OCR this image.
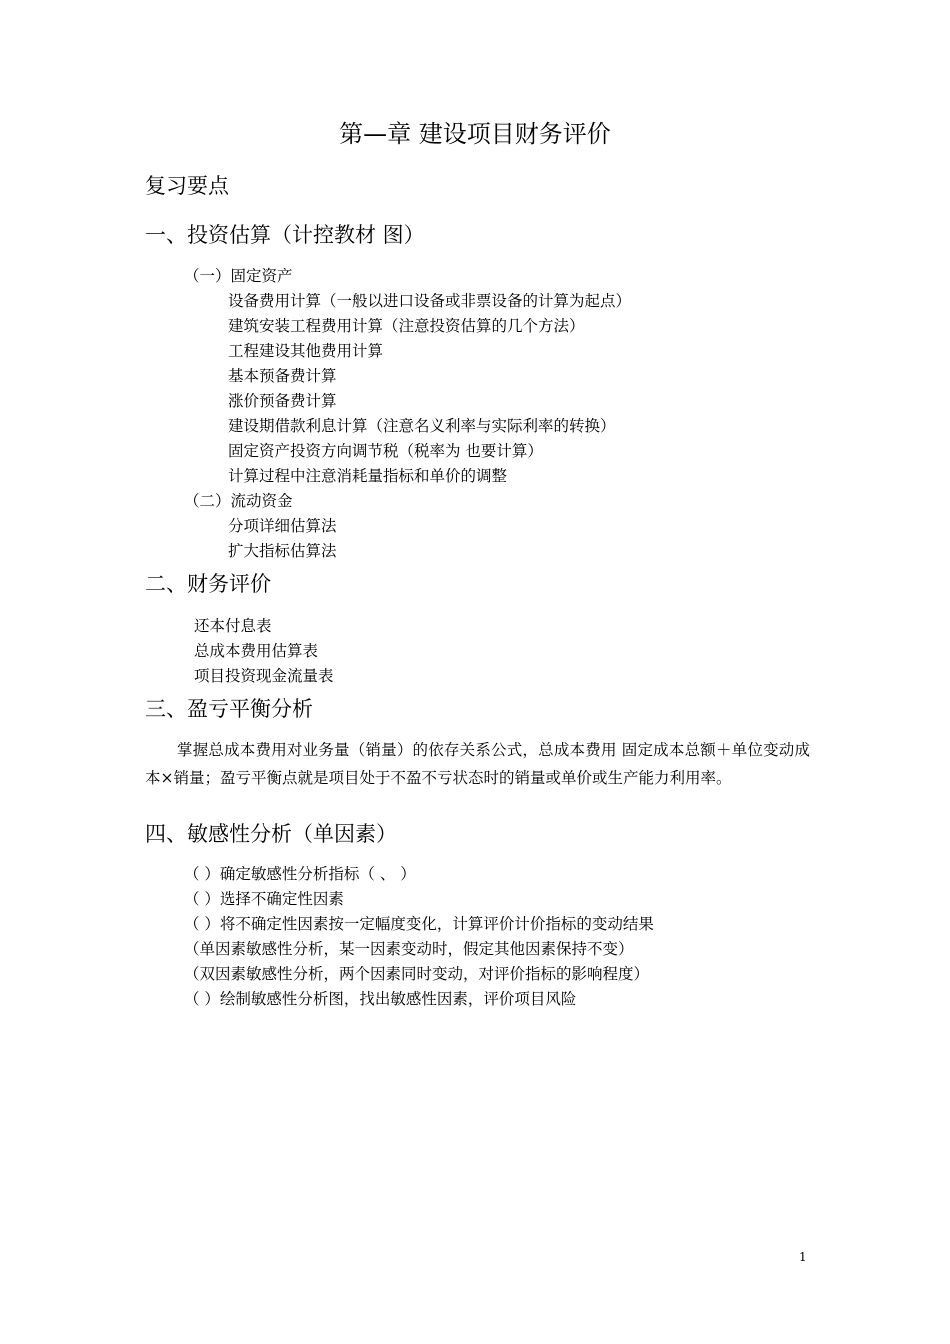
第—章 建设项目财务评价
复习要点
一、投资估算（计控教材 图）
（一）固定资产
设备费用计算（一般以进口设备或非票设备的计算为起点）
建筑安装工程费用计算（注意投资估算的几个方法）
工程建设其他费用计算
基本预备费计算
涨价预备费计算
建设期借款利息计算（注意名义利率与实际利率的转换）
固定资产投资方向调节税（税率为 也要计算）
计算过程中注意消耗量指标和单价的调整
（二）流动资金
分项详细估算法
扩大指标估算法
二、财务评价
还本付息表
总成本费用估算表
项目投资现金流量表
三、盈亏平衡分析
掌握总成本费用对业务量（销量）的依存关系公式，总成本费用 固定成本总额＋单位变动成本×销量；盈亏平衡点就是项目处于不盈不亏状态时的销量或单价或生产能力利用率。
四、敏感性分析（单因素）
（ ）确定敏感性分析指标（ 、 ）
（ ）选择不确定性因素
（ ）将不确定性因素按一定幅度变化，计算评价计价指标的变动结果
（单因素敏感性分析，某一因素变动时，假定其他因素保持不变）
（双因素敏感性分析，两个因素同时变动，对评价指标的影响程度）
（ ）绘制敏感性分析图，找出敏感性因素，评价项目风险
1
